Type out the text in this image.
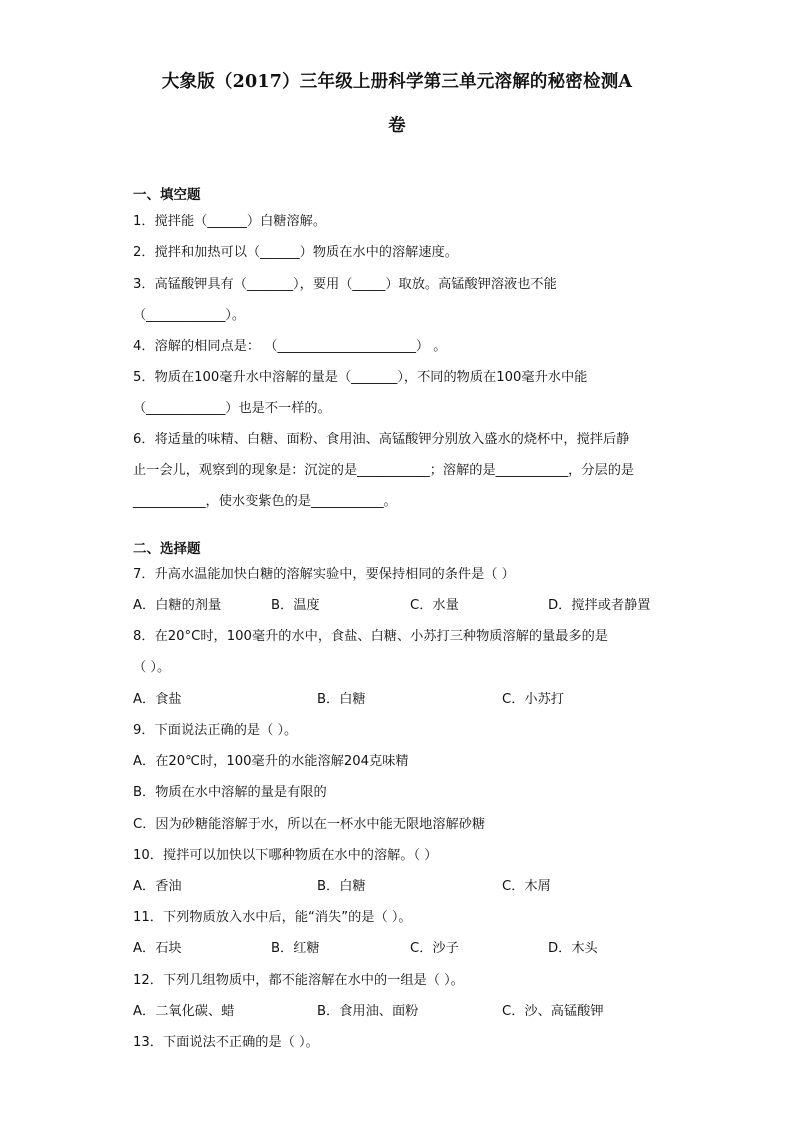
大象版（2017）三年级上册科学第三单元溶解的秘密检测A
卷
一、填空题
1．搅拌能（______）白糖溶解。
2．搅拌和加热可以（______）物质在水中的溶解速度。
3．高锰酸钾具有（_______），要用（_____）取放。高锰酸钾溶液也不能
（____________）。
4．溶解的相同点是： （_____________________） 。
5．物质在100毫升水中溶解的量是（_______），不同的物质在100毫升水中能
（____________）也是不一样的。
6．将适量的味精、白糖、面粉、食用油、高锰酸钾分别放入盛水的烧杯中，搅拌后静
止一会儿，观察到的现象是：沉淀的是___________；溶解的是___________，分层的是
___________，使水变紫色的是___________。
二、选择题
7．升高水温能加快白糖的溶解实验中，要保持相同的条件是（ ）
A．白糖的剂量	B．温度	C．水量	D．搅拌或者静置
8．在20°C时，100毫升的水中，食盐、白糖、小苏打三种物质溶解的量最多的是
（ ）。
A．食盐	B．白糖	C．小苏打
9．下面说法正确的是（ ）。
A．在20℃时，100毫升的水能溶解204克味精
B．物质在水中溶解的量是有限的
C．因为砂糖能溶解于水，所以在一杯水中能无限地溶解砂糖
10．搅拌可以加快以下哪种物质在水中的溶解。（ ）
A．香油	B．白糖	C．木屑
11．下列物质放入水中后，能“消失”的是（ ）。
A．石块	B．红糖	C．沙子	D．木头
12．下列几组物质中，都不能溶解在水中的一组是（ ）。
A．二氧化碳、蜡	B．食用油、面粉	C．沙、高锰酸钾
13．下面说法不正确的是（ ）。
